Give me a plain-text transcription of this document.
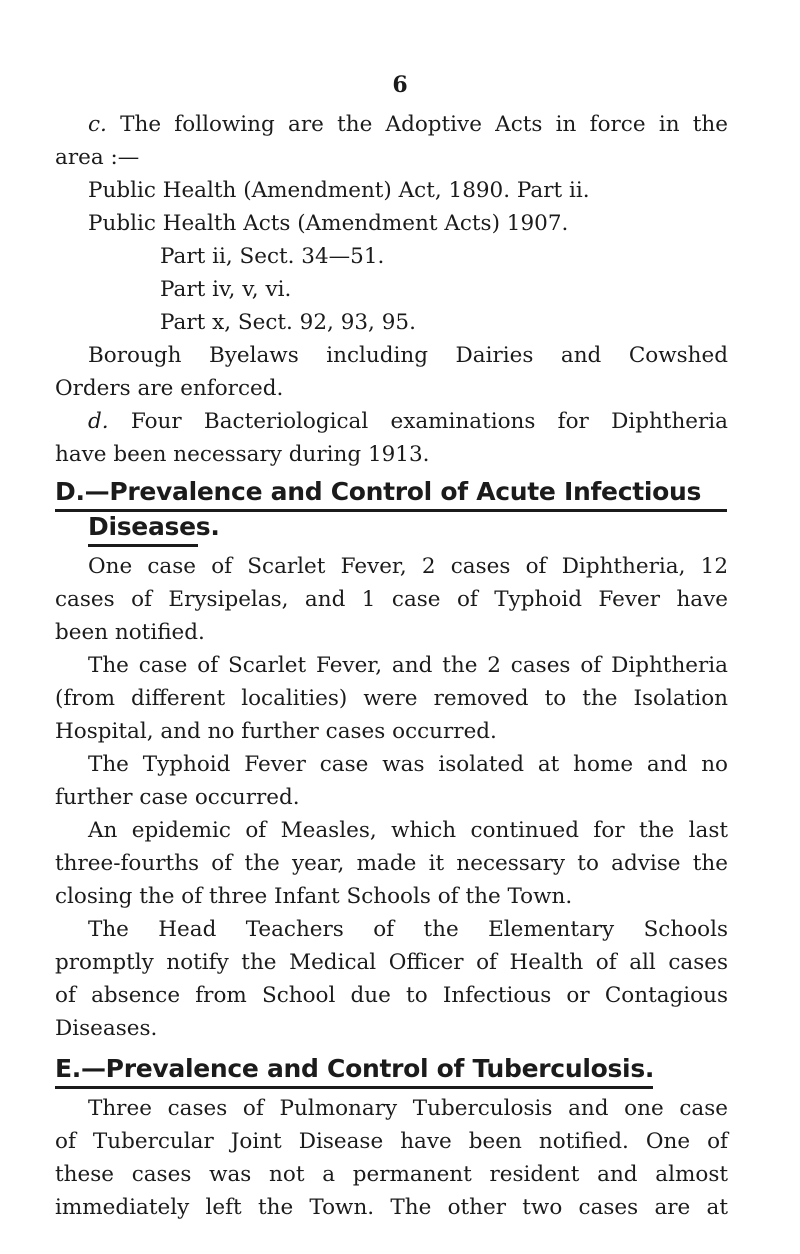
6
c. The following are the Adoptive Acts in force in the
area :—
Public Health (Amendment) Act, 1890. Part ii.
Public Health Acts (Amendment Acts) 1907.
Part ii, Sect. 34—51.
Part iv, v, vi.
Part x, Sect. 92, 93, 95.
Borough Byelaws including Dairies and Cowshed
Orders are enforced.
d. Four Bacteriological examinations for Diphtheria
have been necessary during 1913.
D.—Prevalence and Control of Acute Infectious
Diseases.
One case of Scarlet Fever, 2 cases of Diphtheria, 12
cases of Erysipelas, and 1 case of Typhoid Fever have
been notified.
The case of Scarlet Fever, and the 2 cases of Diphtheria
(from different localities) were removed to the Isolation
Hospital, and no further cases occurred.
The Typhoid Fever case was isolated at home and no
further case occurred.
An epidemic of Measles, which continued for the last
three-fourths of the year, made it necessary to advise the
closing the of three Infant Schools of the Town.
The Head Teachers of the Elementary Schools
promptly notify the Medical Officer of Health of all cases
of absence from School due to Infectious or Contagious
Diseases.
E.—Prevalence and Control of Tuberculosis.
Three cases of Pulmonary Tuberculosis and one case
of Tubercular Joint Disease have been notified. One of
these cases was not a permanent resident and almost
immediately left the Town. The other two cases are at
